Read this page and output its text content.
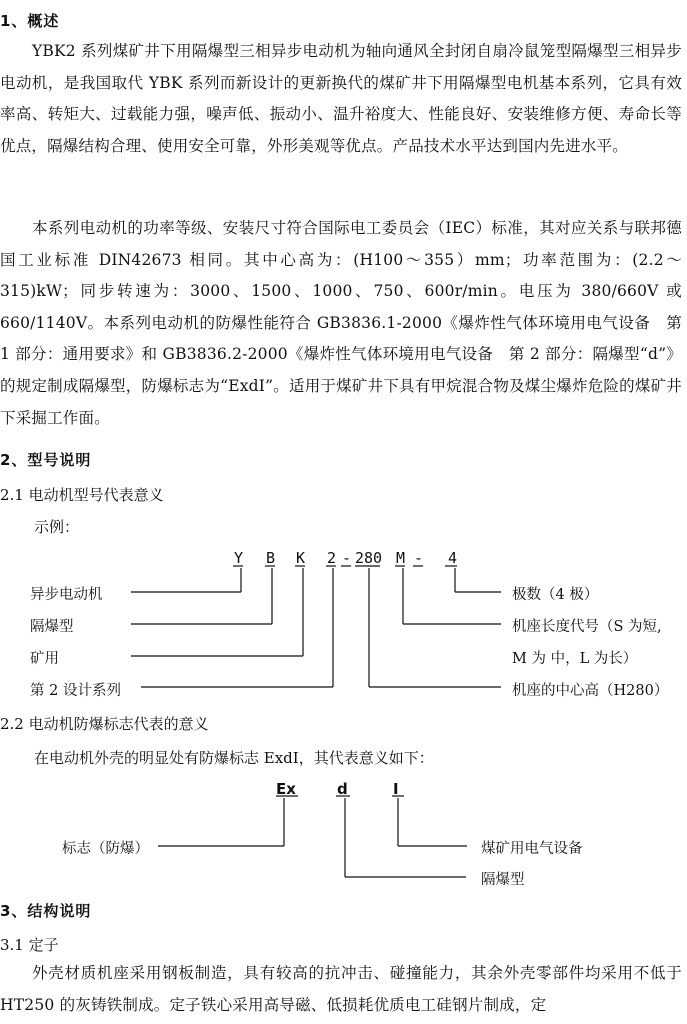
1、概述

YBK2 系列煤矿井下用隔爆型三相异步电动机为轴向通风全封闭自扇冷鼠笼型隔爆型三相异步电动机，是我国取代 YBK 系列而新设计的更新换代的煤矿井下用隔爆型电机基本系列，它具有效率高、转矩大、过载能力强，噪声低、振动小、温升裕度大、性能良好、安装维修方便、寿命长等优点，隔爆结构合理、使用安全可靠，外形美观等优点。产品技术水平达到国内先进水平。

本系列电动机的功率等级、安装尺寸符合国际电工委员会（IEC）标准，其对应关系与联邦德国工业标准 DIN42673 相同。其中心高为：(H100～355）mm；功率范围为：(2.2～315)kW；同步转速为：3000、1500、1000、750、600r/min。电压为 380/660V 或 660/1140V。本系列电动机的防爆性能符合 GB3836.1-2000《爆炸性气体环境用电气设备　第 1 部分：通用要求》和 GB3836.2-2000《爆炸性气体环境用电气设备　第 2 部分：隔爆型“d”》的规定制成隔爆型，防爆标志为“ExdI”。适用于煤矿井下具有甲烷混合物及煤尘爆炸危险的煤矿井下采掘工作面。

2、型号说明

2.1 电动机型号代表意义

示例：

Y B K 2 - 280 M - 4
异步电动机
隔爆型
矿用
第 2 设计系列
极数（4 极）
机座长度代号（S 为短,
M 为 中，L 为长）
机座的中心高（H280）

2.2 电动机防爆标志代表的意义

在电动机外壳的明显处有防爆标志 ExdI，其代表意义如下：

Ex	d	I
标志（防爆）
隔爆型
煤矿用电气设备
3、结构说明

3.1 定子

外壳材质机座采用钢板制造，具有较高的抗冲击、碰撞能力，其余外壳零部件均采用不低于 HT250 的灰铸铁制成。定子铁心采用高导磁、低损耗优质电工硅钢片制成，定
